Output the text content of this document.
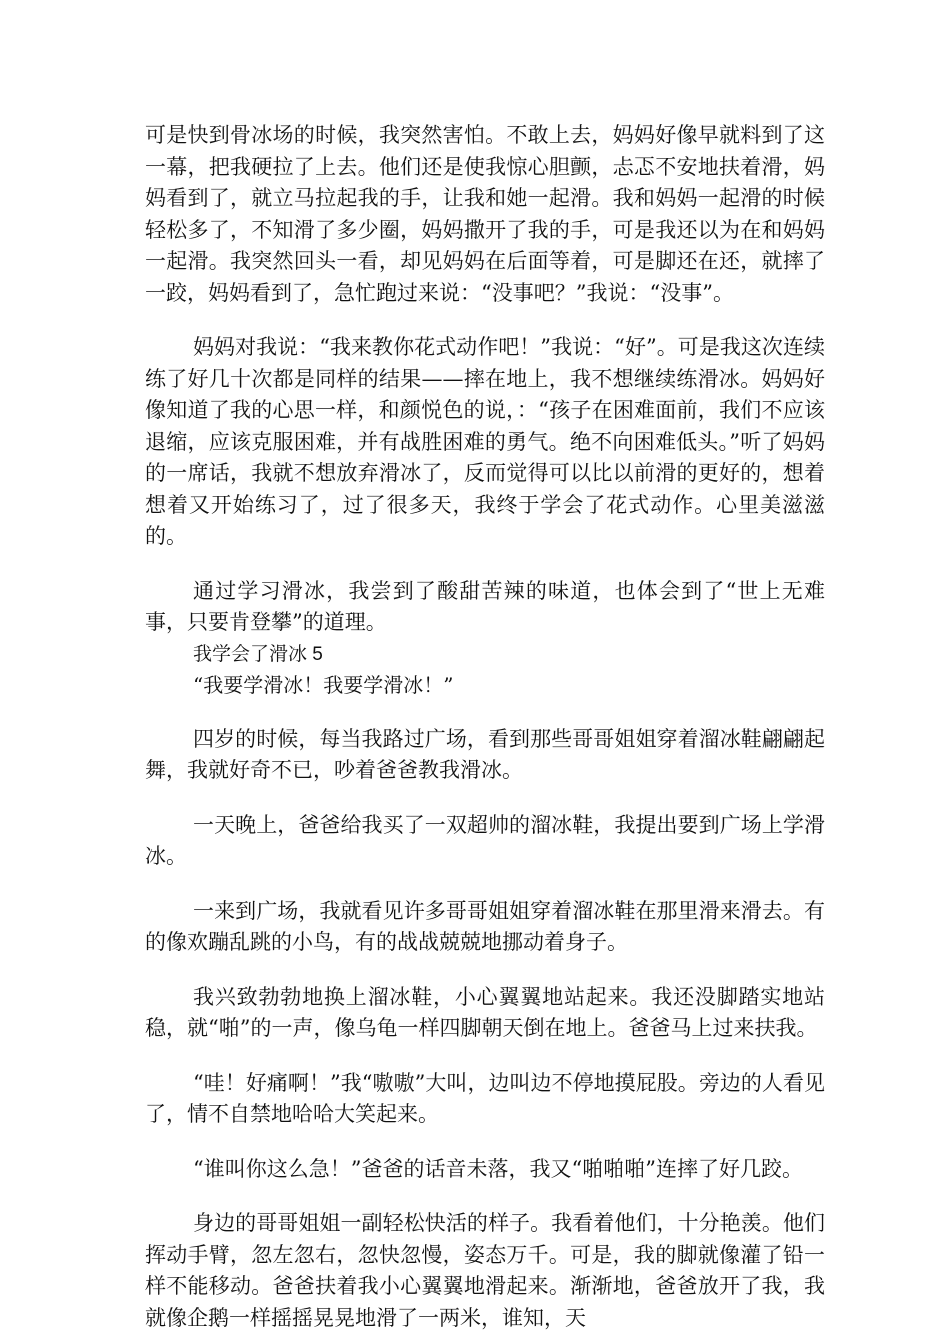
可是快到骨冰场的时候，我突然害怕。不敢上去，妈妈好像早就料到了这一幕，把我硬拉了上去。他们还是使我惊心胆颤，忐忑不安地扶着滑，妈妈看到了，就立马拉起我的手，让我和她一起滑。我和妈妈一起滑的时候轻松多了，不知滑了多少圈，妈妈撒开了我的手，可是我还以为在和妈妈一起滑。我突然回头一看，却见妈妈在后面等着，可是脚还在还，就摔了一跤，妈妈看到了，急忙跑过来说：“没事吧？”我说：“没事”。

妈妈对我说：“我来教你花式动作吧！”我说：“好”。可是我这次连续练了好几十次都是同样的结果——摔在地上，我不想继续练滑冰。妈妈好像知道了我的心思一样，和颜悦色的说，：“孩子在困难面前，我们不应该退缩，应该克服困难，并有战胜困难的勇气。绝不向困难低头。”听了妈妈的一席话，我就不想放弃滑冰了，反而觉得可以比以前滑的更好的，想着想着又开始练习了，过了很多天，我终于学会了花式动作。心里美滋滋的。

通过学习滑冰，我尝到了酸甜苦辣的味道，也体会到了“世上无难事，只要肯登攀”的道理。

我学会了滑冰 5

“我要学滑冰！我要学滑冰！”

四岁的时候，每当我路过广场，看到那些哥哥姐姐穿着溜冰鞋翩翩起舞，我就好奇不已，吵着爸爸教我滑冰。

一天晚上，爸爸给我买了一双超帅的溜冰鞋，我提出要到广场上学滑冰。

一来到广场，我就看见许多哥哥姐姐穿着溜冰鞋在那里滑来滑去。有的像欢蹦乱跳的小鸟，有的战战兢兢地挪动着身子。

我兴致勃勃地换上溜冰鞋，小心翼翼地站起来。我还没脚踏实地站稳，就“啪”的一声，像乌龟一样四脚朝天倒在地上。爸爸马上过来扶我。

“哇！好痛啊！”我“嗷嗷”大叫，边叫边不停地摸屁股。旁边的人看见了，情不自禁地哈哈大笑起来。

“谁叫你这么急！”爸爸的话音未落，我又“啪啪啪”连摔了好几跤。

身边的哥哥姐姐一副轻松快活的样子。我看着他们，十分艳羡。他们挥动手臂，忽左忽右，忽快忽慢，姿态万千。可是，我的脚就像灌了铅一样不能移动。爸爸扶着我小心翼翼地滑起来。渐渐地，爸爸放开了我，我就像企鹅一样摇摇晃晃地滑了一两米，谁知，天
